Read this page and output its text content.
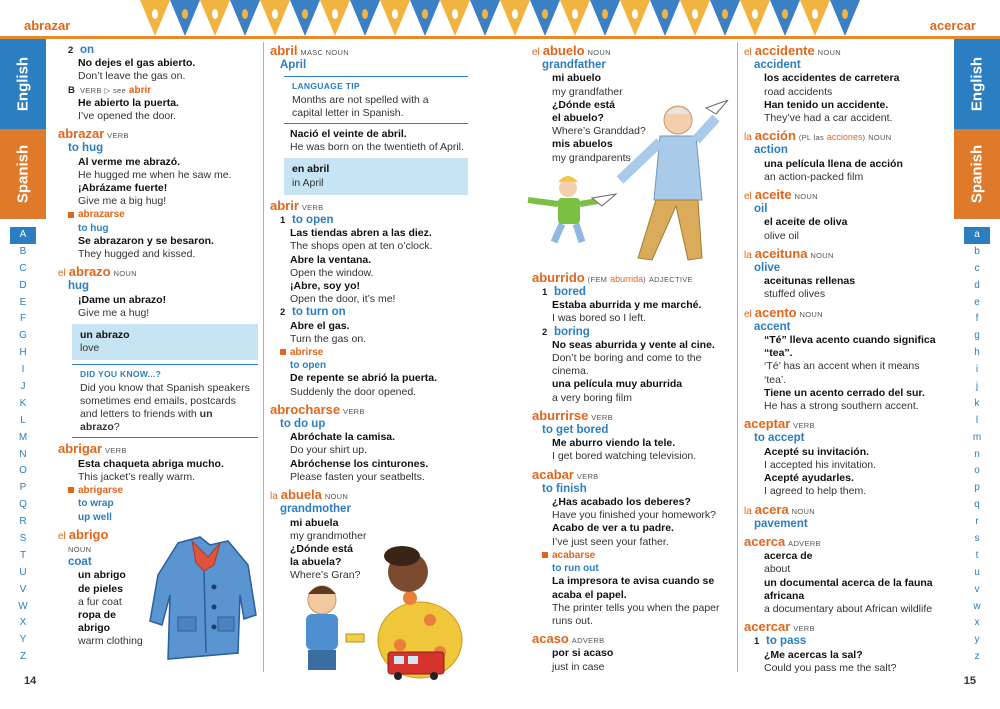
abrazar	acercar
English
Spanish
A
B
C
D
E
F
G
H
I
J
K
L
M
N
O
P
Q
R
S
T
U
V
W
X
Y
Z
14
English
Spanish
a
b
c
d
e
f
g
h
i
j
k
l
m
n
o
p
q
r
s
t
u
v
w
x
y
z
15
2 on
No dejes el gas abierto.
Don’t leave the gas on.
B VERB ▷ see abrir
He abierto la puerta.
I’ve opened the door.
abrazar VERB
to hug
Al verme me abrazó.
He hugged me when he saw me.
¡Abrázame fuerte!
Give me a big hug!
abrazarse
to hug
Se abrazaron y se besaron.
They hugged and kissed.
el abrazo NOUN
hug
¡Dame un abrazo!
Give me a hug!
un abrazo
love
DID YOU KNOW...?
Did you know that Spanish speakers sometimes end emails, postcards and letters to friends with un abrazo?
abrigar VERB
Esta chaqueta abriga mucho.
This jacket’s really warm.
abrigarse
to wrap
up well
el abrigo
NOUN
coat
un abrigo
de pieles
a fur coat
ropa de
abrigo
warm clothing
abril MASC NOUN
April
LANGUAGE TIP
Months are not spelled with a capital letter in Spanish.
Nació el veinte de abril.
He was born on the twentieth of April.
en abril
in April
abrir VERB
1 to open
Las tiendas abren a las diez.
The shops open at ten o’clock.
Abre la ventana.
Open the window.
¡Abre, soy yo!
Open the door, it’s me!
2 to turn on
Abre el gas.
Turn the gas on.
abrirse
to open
De repente se abrió la puerta.
Suddenly the door opened.
abrocharse VERB
to do up
Abróchate la camisa.
Do your shirt up.
Abróchense los cinturones.
Please fasten your seatbelts.
la abuela NOUN
grandmother
mi abuela
my grandmother
¿Dónde está
la abuela?
Where’s Gran?
el abuelo NOUN
grandfather
mi abuelo
my grandfather
¿Dónde está
el abuelo?
Where’s Granddad?
mis abuelos
my grandparents
aburrido (FEM aburrida) ADJECTIVE
1 bored
Estaba aburrida y me marché.
I was bored so I left.
2 boring
No seas aburrida y vente al cine.
Don’t be boring and come to the cinema.
una película muy aburrida
a very boring film
aburrirse VERB
to get bored
Me aburro viendo la tele.
I get bored watching television.
acabar VERB
to finish
¿Has acabado los deberes?
Have you finished your homework?
Acabo de ver a tu padre.
I’ve just seen your father.
acabarse
to run out
La impresora te avisa cuando se acaba el papel.
The printer tells you when the paper runs out.
acaso ADVERB
por si acaso
just in case
el accidente NOUN
accident
los accidentes de carretera
road accidents
Han tenido un accidente.
They’ve had a car accident.
la acción (PL las acciones) NOUN
action
una película llena de acción
an action-packed film
el aceite NOUN
oil
el aceite de oliva
olive oil
la aceituna NOUN
olive
aceitunas rellenas
stuffed olives
el acento NOUN
accent
“Té” lleva acento cuando significa “tea”.
‘Té’ has an accent when it means ‘tea’.
Tiene un acento cerrado del sur.
He has a strong southern accent.
aceptar VERB
to accept
Acepté su invitación.
I accepted his invitation.
Acepté ayudarles.
I agreed to help them.
la acera NOUN
pavement
acerca ADVERB
acerca de
about
un documental acerca de la fauna africana
a documentary about African wildlife
acercar VERB
1 to pass
¿Me acercas la sal?
Could you pass me the salt?
